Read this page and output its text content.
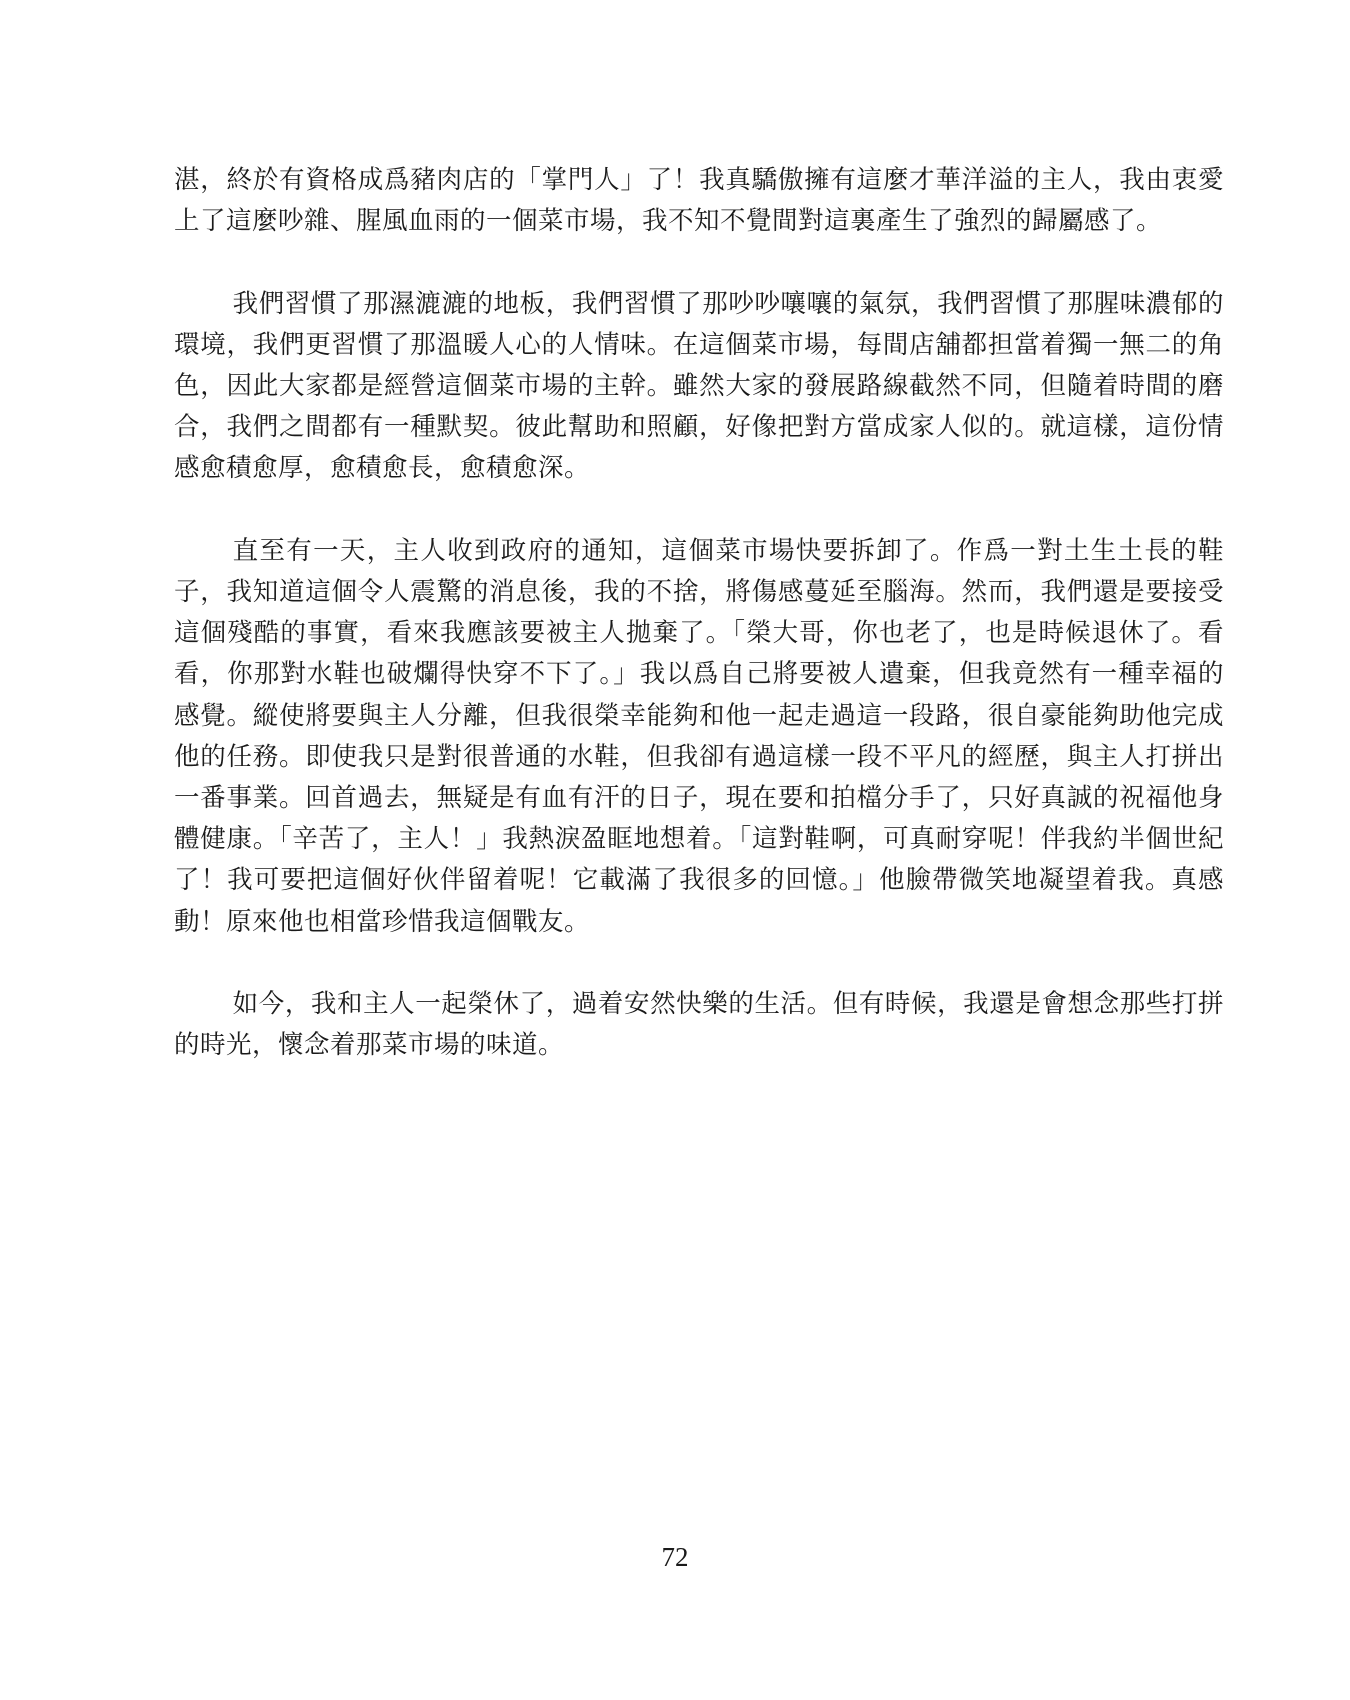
湛，終於有資格成爲豬肉店的「掌門人」了！我真驕傲擁有這麼才華洋溢的主人，我由衷愛上了這麼吵雜、腥風血雨的一個菜市場，我不知不覺間對這裏產生了強烈的歸屬感了。

我們習慣了那濕漉漉的地板，我們習慣了那吵吵嚷嚷的氣氛，我們習慣了那腥味濃郁的環境，我們更習慣了那溫暖人心的人情味。在這個菜市場，每間店舖都担當着獨一無二的角色，因此大家都是經營這個菜市場的主幹。雖然大家的發展路線截然不同，但隨着時間的磨合，我們之間都有一種默契。彼此幫助和照顧，好像把對方當成家人似的。就這樣，這份情感愈積愈厚，愈積愈長，愈積愈深。

直至有一天，主人收到政府的通知，這個菜市場快要拆卸了。作爲一對土生土長的鞋子，我知道這個令人震驚的消息後，我的不捨，將傷感蔓延至腦海。然而，我們還是要接受這個殘酷的事實，看來我應該要被主人拋棄了。「榮大哥，你也老了，也是時候退休了。看看，你那對水鞋也破爛得快穿不下了。」我以爲自己將要被人遺棄，但我竟然有一種幸福的感覺。縱使將要與主人分離，但我很榮幸能夠和他一起走過這一段路，很自豪能夠助他完成他的任務。即使我只是對很普通的水鞋，但我卻有過這樣一段不平凡的經歷，與主人打拼出一番事業。回首過去，無疑是有血有汗的日子，現在要和拍檔分手了，只好真誠的祝福他身體健康。「辛苦了，主人！」我熱淚盈眶地想着。「這對鞋啊，可真耐穿呢！伴我約半個世紀了！我可要把這個好伙伴留着呢！它載滿了我很多的回憶。」他臉帶微笑地凝望着我。真感動！原來他也相當珍惜我這個戰友。

如今，我和主人一起榮休了，過着安然快樂的生活。但有時候，我還是會想念那些打拼的時光，懷念着那菜市場的味道。

72
